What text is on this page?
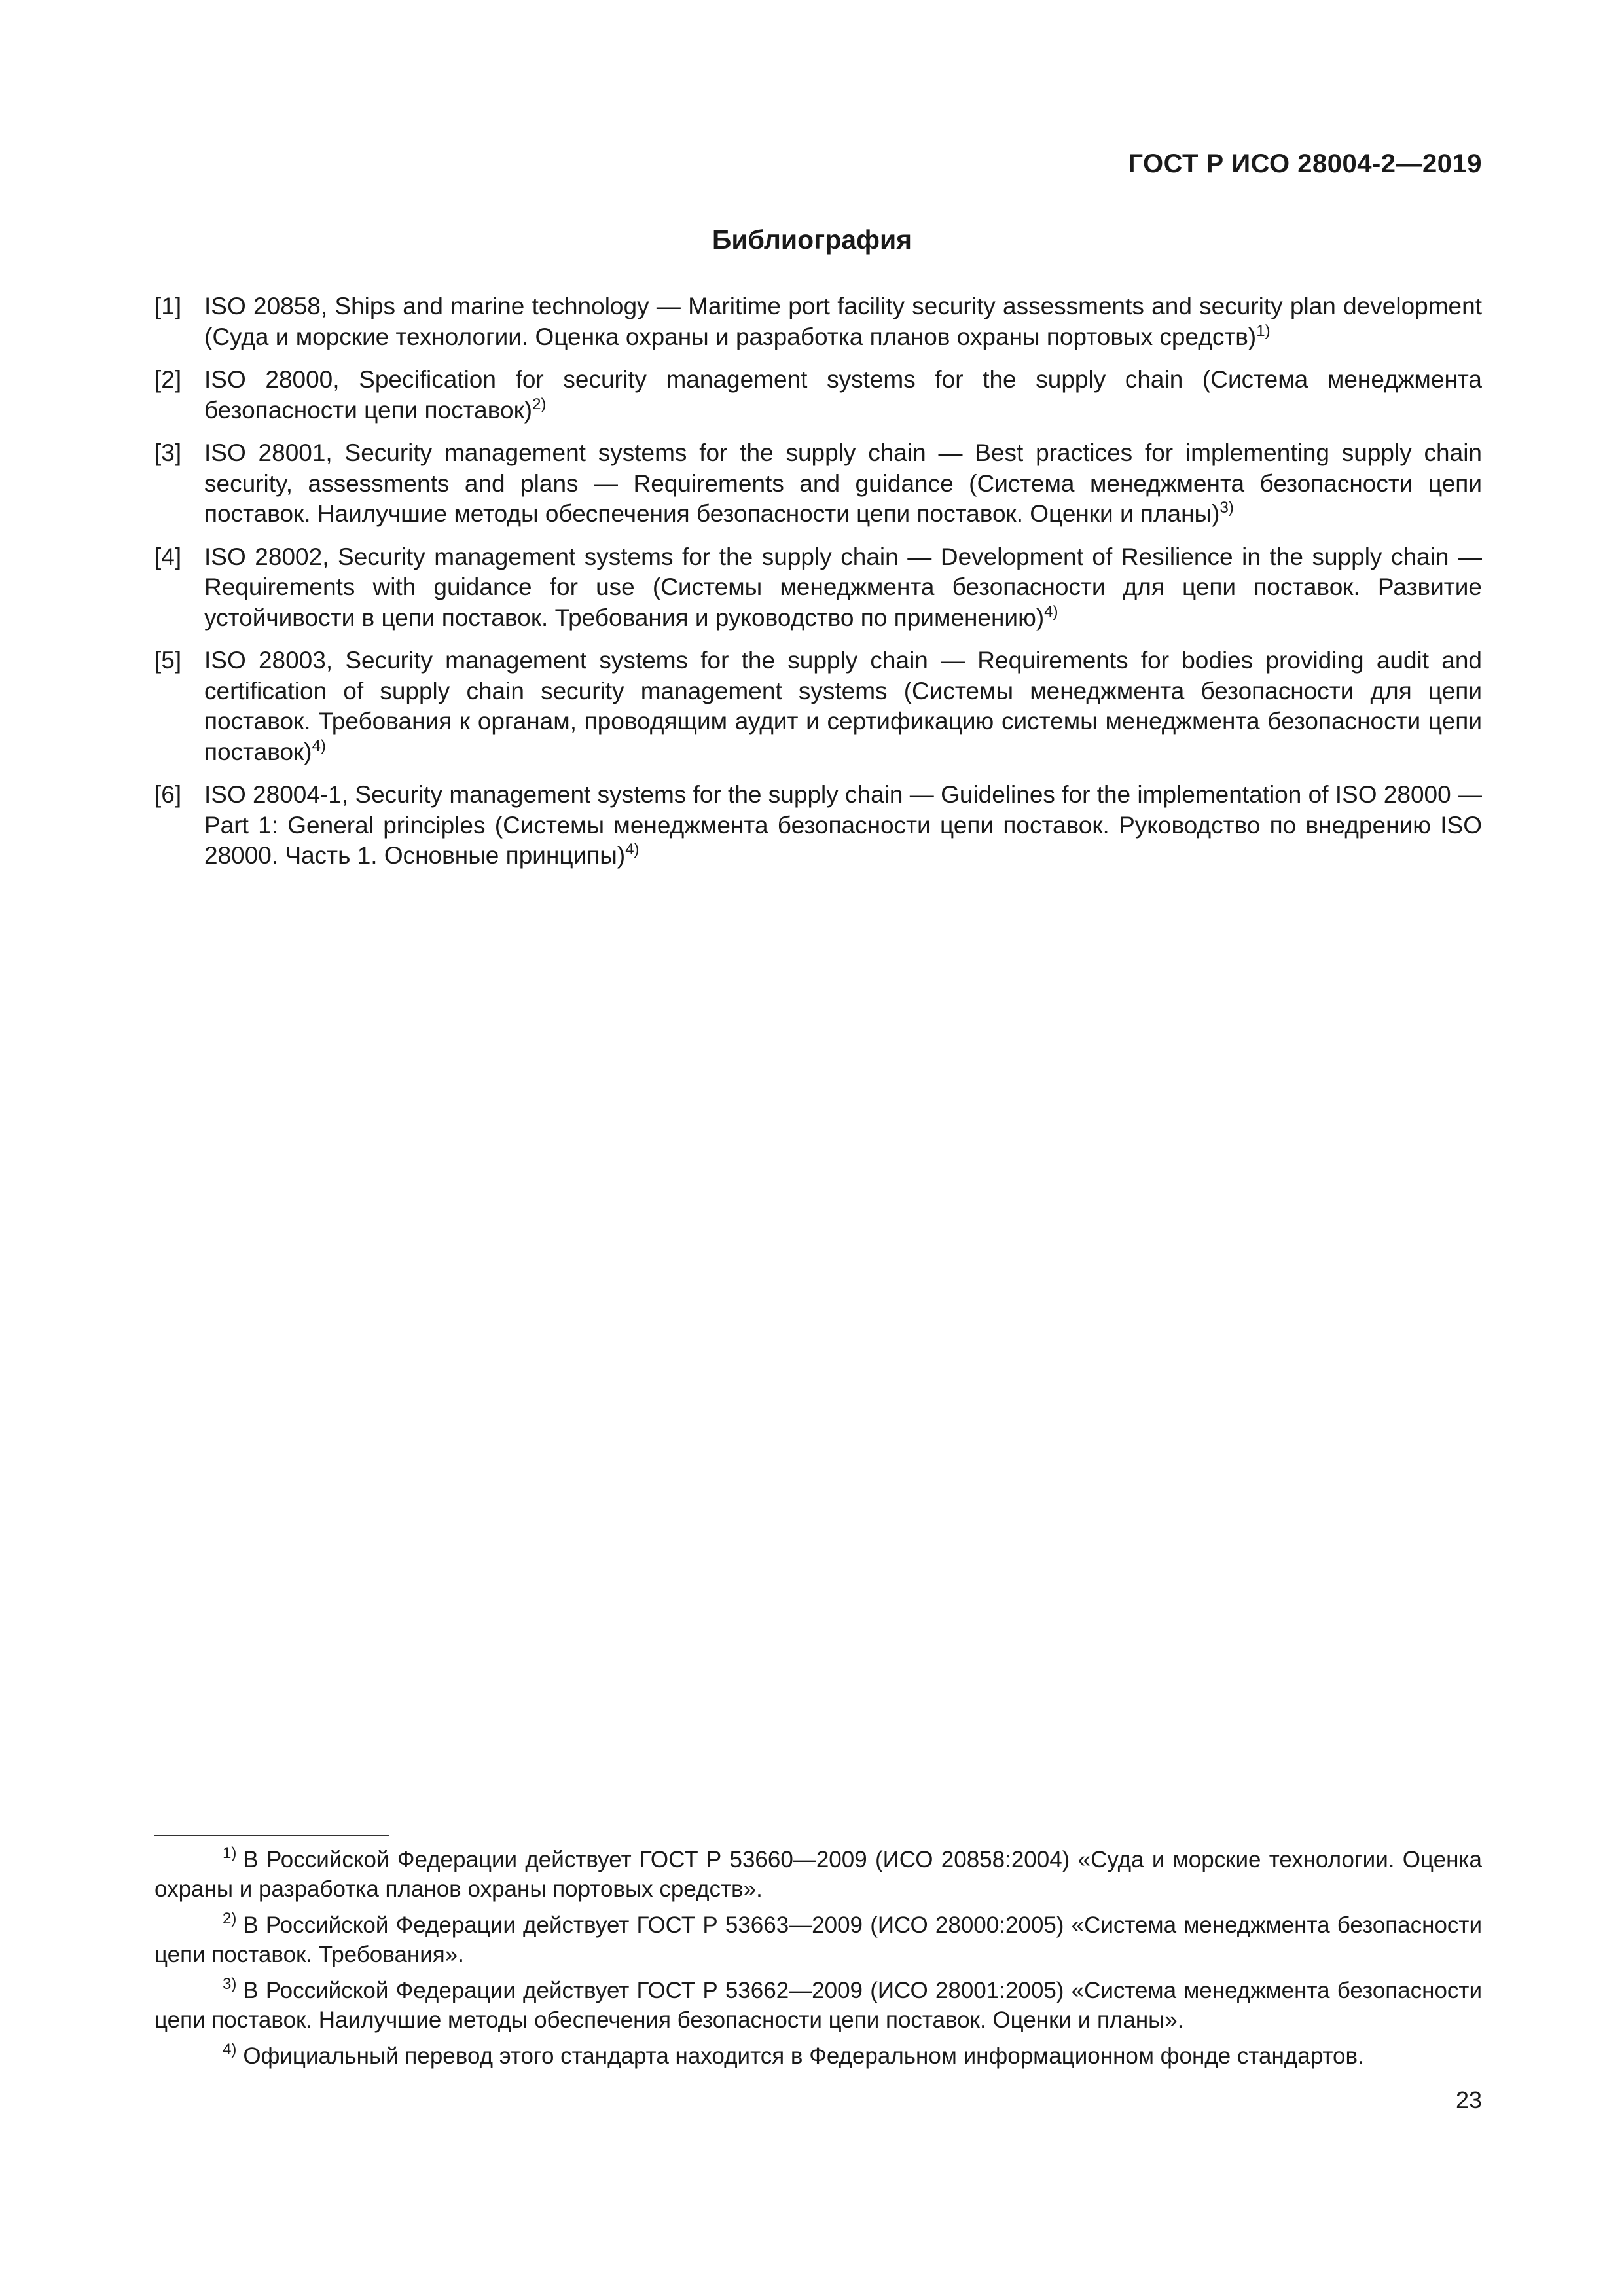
ГОСТ Р ИСО 28004-2—2019
Библиография
[1] ISO 20858, Ships and marine technology — Maritime port facility security assessments and security plan development (Суда и морские технологии. Оценка охраны и разработка планов охраны портовых средств)$^{1)}$
[2] ISO 28000, Specification for security management systems for the supply chain (Система менеджмента безопасности цепи поставок)$^{2)}$
[3] ISO 28001, Security management systems for the supply chain — Best practices for implementing supply chain security, assessments and plans — Requirements and guidance (Система менеджмента безопасности цепи поставок. Наилучшие методы обеспечения безопасности цепи поставок. Оценки и планы)$^{3)}$
[4] ISO 28002, Security management systems for the supply chain — Development of Resilience in the supply chain — Requirements with guidance for use (Системы менеджмента безопасности для цепи поставок. Развитие устойчивости в цепи поставок. Требования и руководство по применению)$^{4)}$
[5] ISO 28003, Security management systems for the supply chain — Requirements for bodies providing audit and certification of supply chain security management systems (Системы менеджмента безопасности для цепи поставок. Требования к органам, проводящим аудит и сертификацию системы менеджмента безопасности цепи поставок)$^{4)}$
[6] ISO 28004-1, Security management systems for the supply chain — Guidelines for the implementation of ISO 28000 — Part 1: General principles (Системы менеджмента безопасности цепи поставок. Руководство по внедрению ISO 28000. Часть 1. Основные принципы)$^{4)}$
$^{1)}$ В Российской Федерации действует ГОСТ Р 53660—2009 (ИСО 20858:2004) «Суда и морские технологии. Оценка охраны и разработка планов охраны портовых средств».
$^{2)}$ В Российской Федерации действует ГОСТ Р 53663—2009 (ИСО 28000:2005) «Система менеджмента безопасности цепи поставок. Требования».
$^{3)}$ В Российской Федерации действует ГОСТ Р 53662—2009 (ИСО 28001:2005) «Система менеджмента безопасности цепи поставок. Наилучшие методы обеспечения безопасности цепи поставок. Оценки и планы».
$^{4)}$ Официальный перевод этого стандарта находится в Федеральном информационном фонде стандартов.
23
